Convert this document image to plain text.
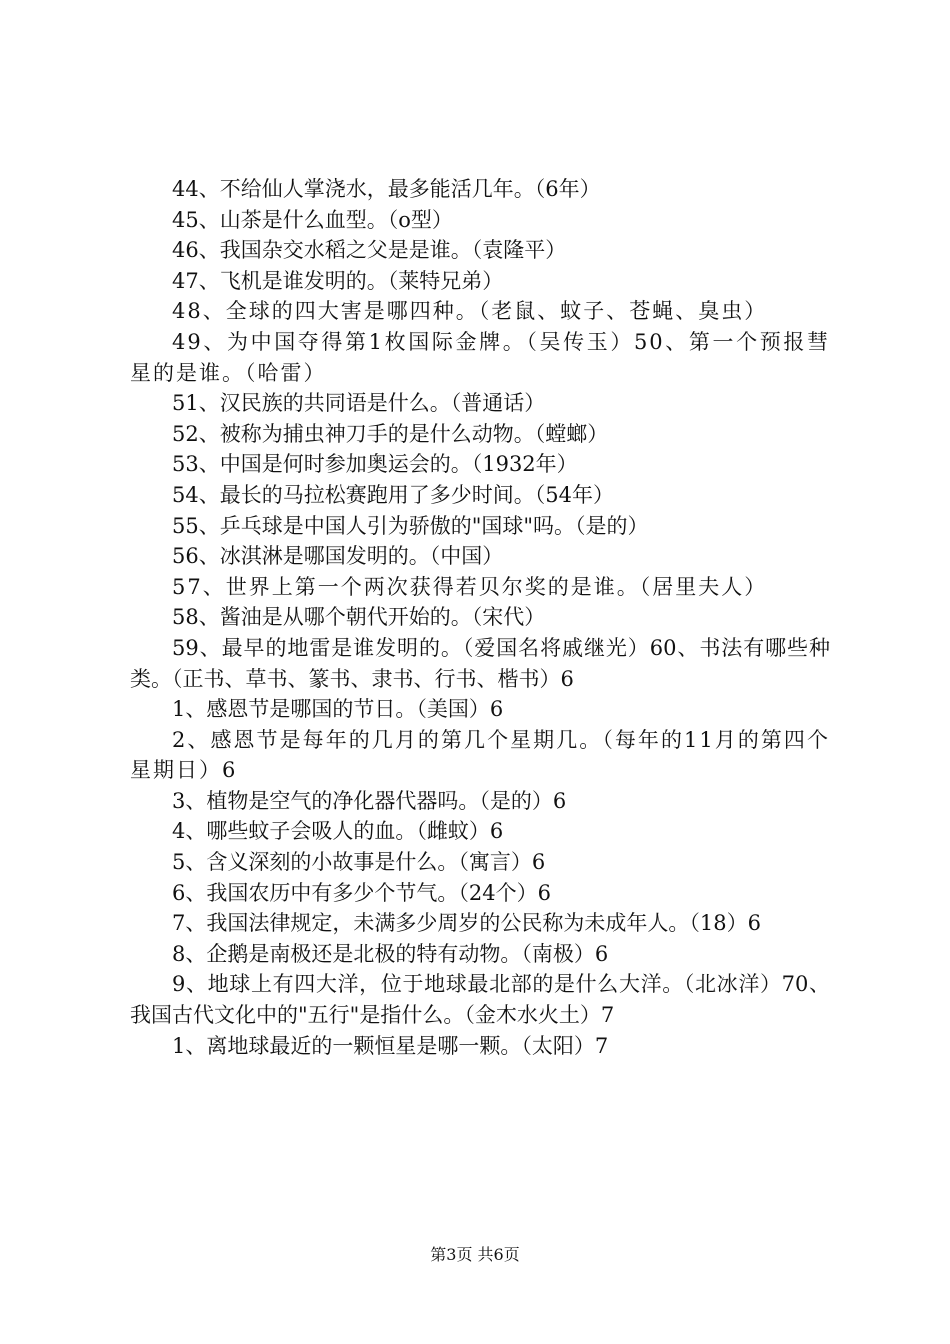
44、不给仙人掌浇水，最多能活几年。（6年）

45、山茶是什么血型。（o型）

46、我国杂交水稻之父是是谁。（袁隆平）

47、飞机是谁发明的。（莱特兄弟）

48、全球的四大害是哪四种。（老鼠、蚊子、苍蝇、臭虫）

49、为中国夺得第1枚国际金牌。（吴传玉）50、第一个预报彗星的是谁。（哈雷）

51、汉民族的共同语是什么。（普通话）

52、被称为捕虫神刀手的是什么动物。（螳螂）

53、中国是何时参加奥运会的。（1932年）

54、最长的马拉松赛跑用了多少时间。（54年）

55、乒乓球是中国人引为骄傲的"国球"吗。（是的）

56、冰淇淋是哪国发明的。（中国）

57、世界上第一个两次获得若贝尔奖的是谁。（居里夫人）

58、酱油是从哪个朝代开始的。（宋代）

59、最早的地雷是谁发明的。（爱国名将戚继光）60、书法有哪些种类。（正书、草书、篆书、隶书、行书、楷书）6

1、感恩节是哪国的节日。（美国）6

2、感恩节是每年的几月的第几个星期几。（每年的11月的第四个星期日）6

3、植物是空气的净化器代器吗。（是的）6

4、哪些蚊子会吸人的血。（雌蚊）6

5、含义深刻的小故事是什么。（寓言）6

6、我国农历中有多少个节气。（24个）6

7、我国法律规定，未满多少周岁的公民称为未成年人。（18）6

8、企鹅是南极还是北极的特有动物。（南极）6

9、地球上有四大洋，位于地球最北部的是什么大洋。（北冰洋）70、我国古代文化中的"五行"是指什么。（金木水火土）7

1、离地球最近的一颗恒星是哪一颗。（太阳）7

第3页 共6页
